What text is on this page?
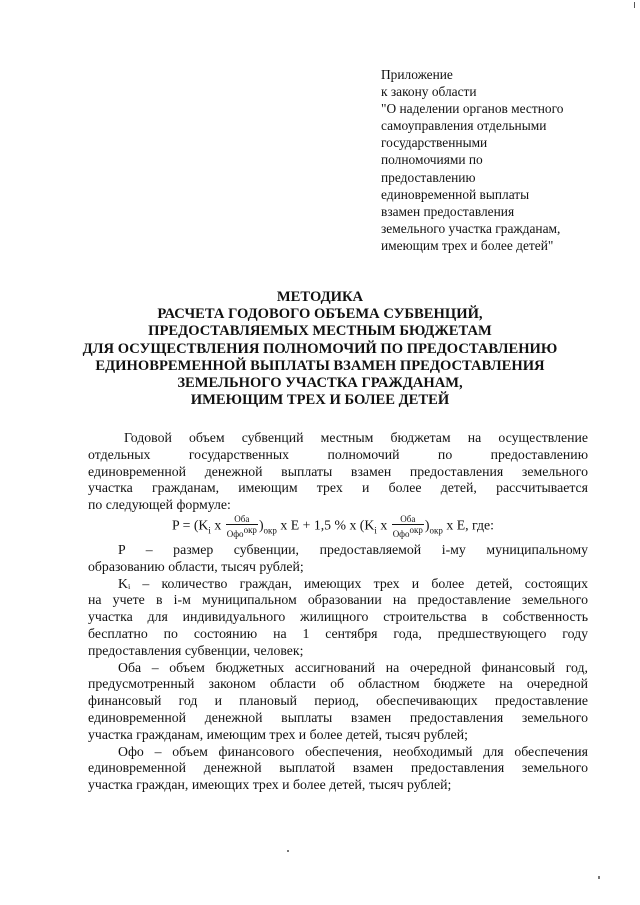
Приложение
к закону области
"О наделении органов местного
самоуправления отдельными
государственными
полномочиями по
предоставлению
единовременной выплаты
взамен предоставления
земельного участка гражданам,
имеющим трех и более детей"
МЕТОДИКА
РАСЧЕТА ГОДОВОГО ОБЪЕМА СУБВЕНЦИЙ,
ПРЕДОСТАВЛЯЕМЫХ МЕСТНЫМ БЮДЖЕТАМ
ДЛЯ ОСУЩЕСТВЛЕНИЯ ПОЛНОМОЧИЙ ПО ПРЕДОСТАВЛЕНИЮ
ЕДИНОВРЕМЕННОЙ ВЫПЛАТЫ ВЗАМЕН ПРЕДОСТАВЛЕНИЯ
ЗЕМЕЛЬНОГО УЧАСТКА ГРАЖДАНАМ,
ИМЕЮЩИМ ТРЕХ И БОЛЕЕ ДЕТЕЙ
Годовой объем субвенций местным бюджетам на осуществление
отдельных государственных полномочий по предоставлению
единовременной денежной выплаты взамен предоставления земельного
участка гражданам, имеющим трех и более детей, рассчитывается
по следующей формуле:
$P = (K_i$ x $\frac{\text{Оба}}{Офо^{окр}} )_{окр}$ x E + 1,5 % x ($K_i$ x $\frac{\text{Оба}}{Офо^{окр}} )_{окр}$ x E, где:
P – размер субвенции, предоставляемой i-му муниципальному
образованию области, тысяч рублей;
Kᵢ – количество граждан, имеющих трех и более детей, состоящих
на учете в i-м муниципальном образовании на предоставление земельного
участка для индивидуального жилищного строительства в собственность
бесплатно по состоянию на 1 сентября года, предшествующего году
предоставления субвенции, человек;
Оба – объем бюджетных ассигнований на очередной финансовый год,
предусмотренный законом области об областном бюджете на очередной
финансовый год и плановый период, обеспечивающих предоставление
единовременной денежной выплаты взамен предоставления земельного
участка гражданам, имеющим трех и более детей, тысяч рублей;
Офо – объем финансового обеспечения, необходимый для обеспечения
единовременной денежной выплатой взамен предоставления земельного
участка граждан, имеющих трех и более детей, тысяч рублей;
